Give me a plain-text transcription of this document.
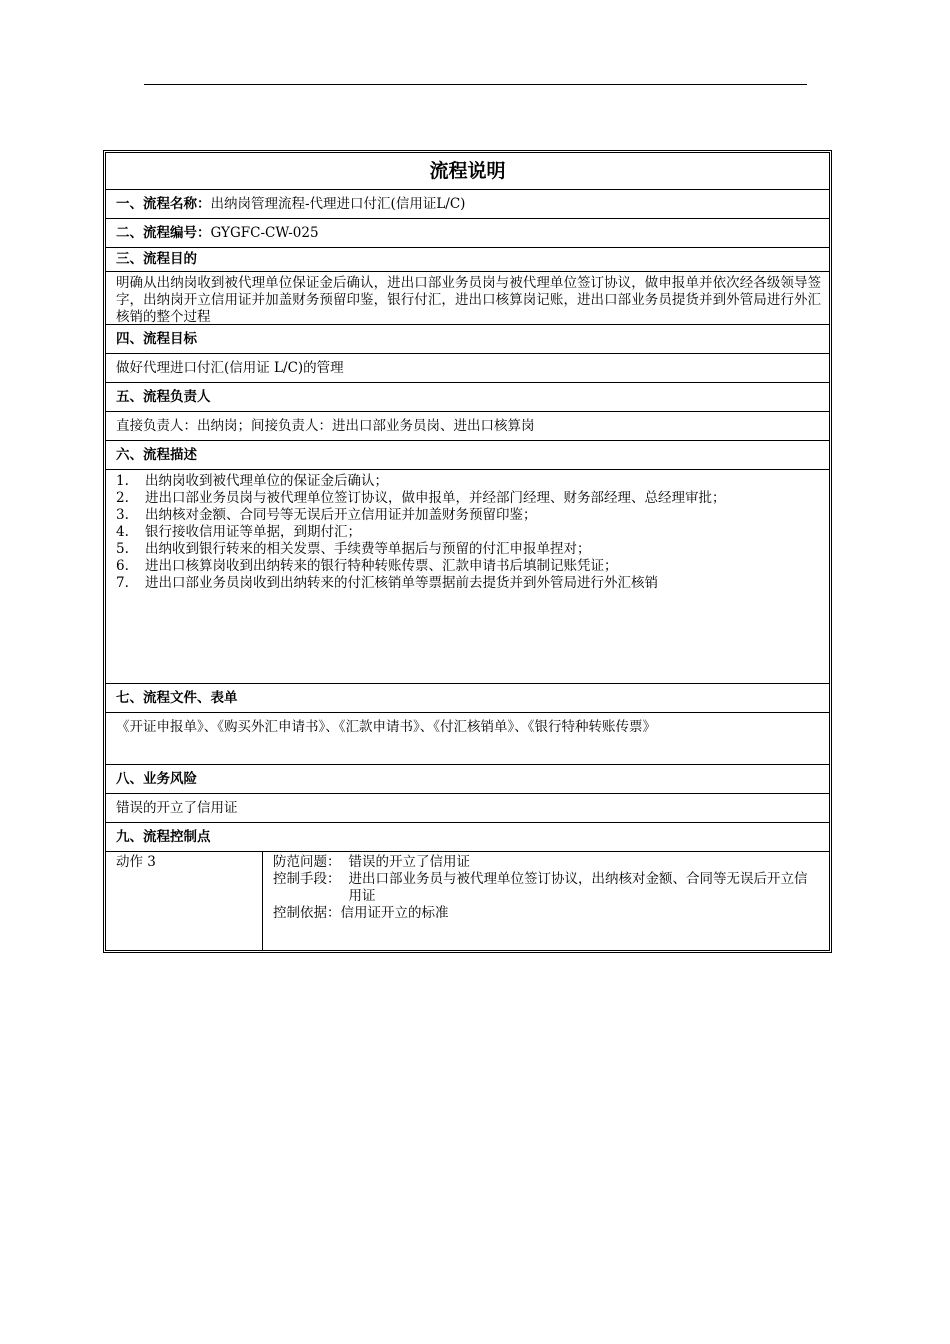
流程说明
一、流程名称： 出纳岗管理流程-代理进口付汇(信用证L/C)
二、流程编号： GYGFC-CW-025
三、流程目的
明确从出纳岗收到被代理单位保证金后确认，进出口部业务员岗与被代理单位签订协议，做申报单并依次经各级领导签字，出纳岗开立信用证并加盖财务预留印鉴，银行付汇，进出口核算岗记账，进出口部业务员提货并到外管局进行外汇核销的整个过程
四、流程目标
做好代理进口付汇(信用证 L/C)的管理
五、流程负责人
直接负责人：出纳岗；间接负责人：进出口部业务员岗、进出口核算岗
六、流程描述
1. 出纳岗收到被代理单位的保证金后确认；
2. 进出口部业务员岗与被代理单位签订协议，做申报单，并经部门经理、财务部经理、总经理审批；
3. 出纳核对金额、合同号等无误后开立信用证并加盖财务预留印鉴；
4. 银行接收信用证等单据，到期付汇；
5. 出纳收到银行转来的相关发票、手续费等单据后与预留的付汇申报单捏对；
6. 进出口核算岗收到出纳转来的银行特种转账传票、汇款申请书后填制记账凭证；
7. 进出口部业务员岗收到出纳转来的付汇核销单等票据前去提货并到外管局进行外汇核销
七、流程文件、表单
《开证申报单》、《购买外汇申请书》、《汇款申请书》、《付汇核销单》、《银行特种转账传票》
八、业务风险
错误的开立了信用证
九、流程控制点
动作 3	防范问题： 错误的开立了信用证
控制手段： 进出口部业务员与被代理单位签订协议，出纳核对金额、合同等无误后开立信用证
控制依据： 信用证开立的标准
